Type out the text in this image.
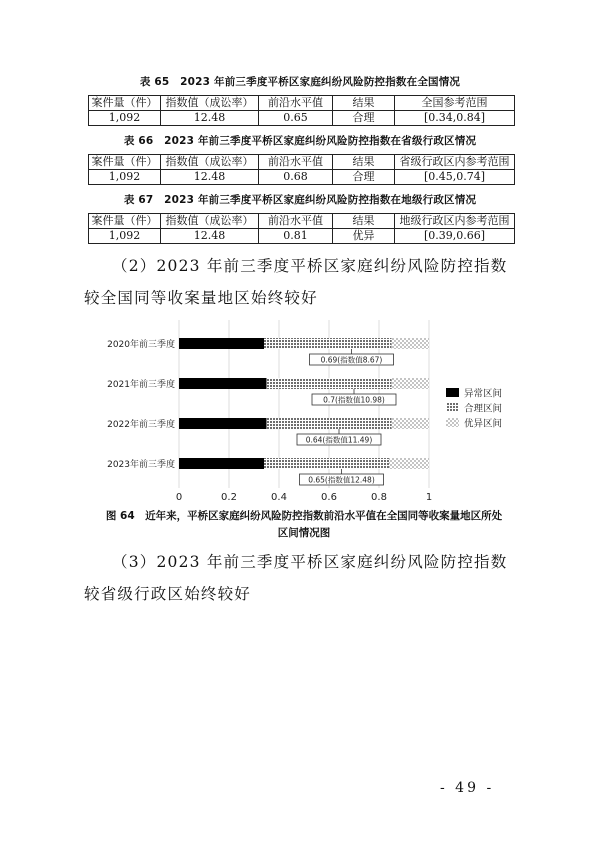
表 65　2023 年前三季度平桥区家庭纠纷风险防控指数在全国情况
案件量（件）	指数值（成讼率）	前沿水平值	结果	全国参考范围
1,092	12.48	0.65	合理	[0.34,0.84]
表 66　2023 年前三季度平桥区家庭纠纷风险防控指数在省级行政区情况
案件量（件）	指数值（成讼率）	前沿水平值	结果	省级行政区内参考范围
1,092	12.48	0.68	合理	[0.45,0.74]
表 67　2023 年前三季度平桥区家庭纠纷风险防控指数在地级行政区情况
案件量（件）	指数值（成讼率）	前沿水平值	结果	地级行政区内参考范围
1,092	12.48	0.81	优异	[0.39,0.66]
（2）2023 年前三季度平桥区家庭纠纷风险防控指数较全国同等收案量地区始终较好
0.69(指数值8.67)
0.7(指数值10.98)
0.64(指数值11.49)
0.65(指数值12.48)
2020年前三季度
2021年前三季度
2022年前三季度
2023年前三季度
0	0.2	0.4	0.6	0.8	1
异常区间
合理区间
优异区间
图 64　近年来，平桥区家庭纠纷风险防控指数前沿水平值在全国同等收案量地区所处
区间情况图
（3）2023 年前三季度平桥区家庭纠纷风险防控指数较省级行政区始终较好
- 49 -
